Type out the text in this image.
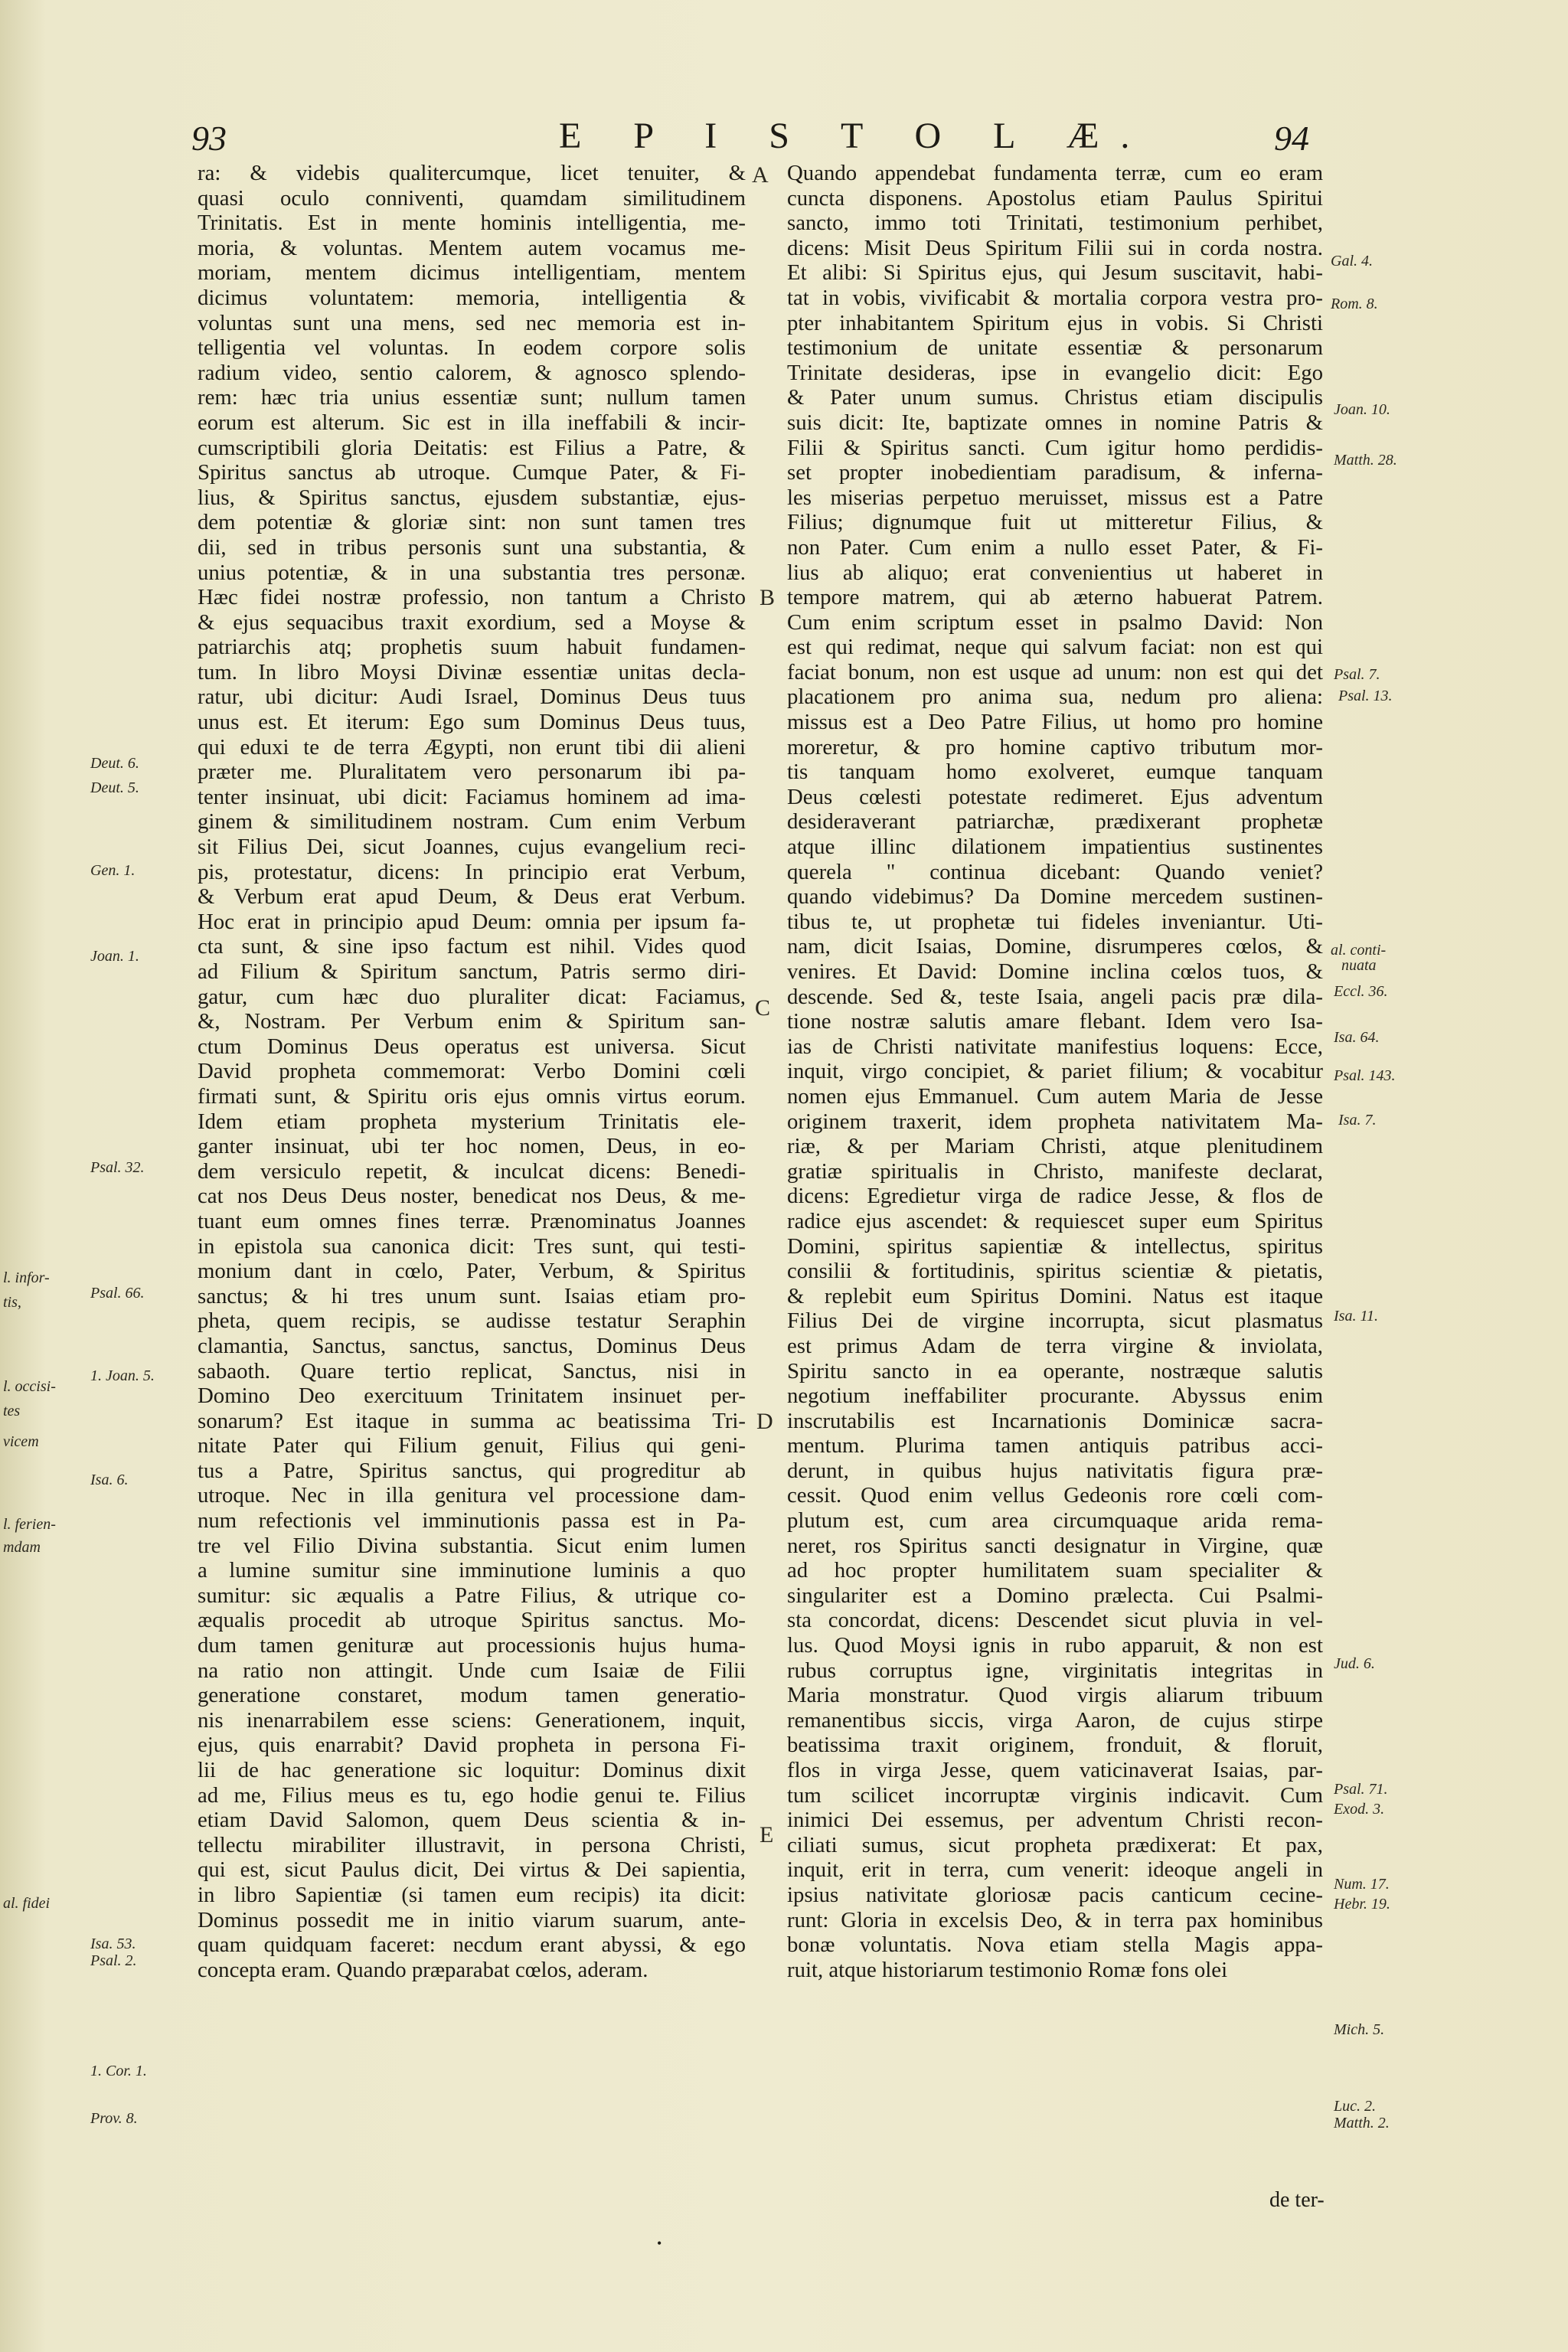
93	E P I S T O L Æ.	94
l. infor-
tis,
l. occisi-
tes
vicem
l. ferien-
mdam
al. fidei
Deut. 6.
Deut. 5.
Gen. 1.
Joan. 1.
Psal. 32.
Psal. 66.
1. Joan. 5.
Isa. 6.
Isa. 53.
Psal. 2.
1. Cor. 1.
Prov. 8.
A
B
C
D
E
Gal. 4.
Rom. 8.
Joan. 10.
Matth. 28.
Psal. 7.
Psal. 13.
al. conti-
nuata
Eccl. 36.
Isa. 64.
Psal. 143.
Isa. 7.
Isa. 11.
Jud. 6.
Psal. 71.
Exod. 3.
Num. 17.
Hebr. 19.
Mich. 5.
Luc. 2.
Matth. 2.

ra: & videbis qualitercumque, licet tenuiter, &

quasi oculo conniventi, quamdam similitudinem

Trinitatis. Est in mente hominis intelligentia, me-

moria, & voluntas. Mentem autem vocamus me-

moriam, mentem dicimus intelligentiam, mentem

dicimus voluntatem: memoria, intelligentia &

voluntas sunt una mens, sed nec memoria est in-

telligentia vel voluntas. In eodem corpore solis

radium video, sentio calorem, & agnosco splendo-

rem: hæc tria unius essentiæ sunt; nullum tamen

eorum est alterum. Sic est in illa ineffabili & incir-

cumscriptibili gloria Deitatis: est Filius a Patre, &

Spiritus sanctus ab utroque. Cumque Pater, & Fi-

lius, & Spiritus sanctus, ejusdem substantiæ, ejus-

dem potentiæ & gloriæ sint: non sunt tamen tres

dii, sed in tribus personis sunt una substantia, &

unius potentiæ, & in una substantia tres personæ.

Hæc fidei nostræ professio, non tantum a Christo

& ejus sequacibus traxit exordium, sed a Moyse &

patriarchis atq; prophetis suum habuit fundamen-

tum. In libro Moysi Divinæ essentiæ unitas decla-

ratur, ubi dicitur: Audi Israel, Dominus Deus tuus

unus est. Et iterum: Ego sum Dominus Deus tuus,

qui eduxi te de terra Ægypti, non erunt tibi dii alieni

præter me. Pluralitatem vero personarum ibi pa-

tenter insinuat, ubi dicit: Faciamus hominem ad ima-

ginem & similitudinem nostram. Cum enim Verbum

sit Filius Dei, sicut Joannes, cujus evangelium reci-

pis, protestatur, dicens: In principio erat Verbum,

& Verbum erat apud Deum, & Deus erat Verbum.

Hoc erat in principio apud Deum: omnia per ipsum fa-

cta sunt, & sine ipso factum est nihil. Vides quod

ad Filium & Spiritum sanctum, Patris sermo diri-

gatur, cum hæc duo pluraliter dicat: Faciamus,

&, Nostram. Per Verbum enim & Spiritum san-

ctum Dominus Deus operatus est universa. Sicut

David propheta commemorat: Verbo Domini cœli

firmati sunt, & Spiritu oris ejus omnis virtus eorum.

Idem etiam propheta mysterium Trinitatis ele-

ganter insinuat, ubi ter hoc nomen, Deus, in eo-

dem versiculo repetit, & inculcat dicens: Benedi-

cat nos Deus Deus noster, benedicat nos Deus, & me-

tuant eum omnes fines terræ. Prænominatus Joannes

in epistola sua canonica dicit: Tres sunt, qui testi-

monium dant in cœlo, Pater, Verbum, & Spiritus

sanctus; & hi tres unum sunt. Isaias etiam pro-

pheta, quem recipis, se audisse testatur Seraphin

clamantia, Sanctus, sanctus, sanctus, Dominus Deus

sabaoth. Quare tertio replicat, Sanctus, nisi in

Domino Deo exercituum Trinitatem insinuet per-

sonarum? Est itaque in summa ac beatissima Tri-

nitate Pater qui Filium genuit, Filius qui geni-

tus a Patre, Spiritus sanctus, qui progreditur ab

utroque. Nec in illa genitura vel processione dam-

num refectionis vel imminutionis passa est in Pa-

tre vel Filio Divina substantia. Sicut enim lumen

a lumine sumitur sine imminutione luminis a quo

sumitur: sic æqualis a Patre Filius, & utrique co-

æqualis procedit ab utroque Spiritus sanctus. Mo-

dum tamen genituræ aut processionis hujus huma-

na ratio non attingit. Unde cum Isaiæ de Filii

generatione constaret, modum tamen generatio-

nis inenarrabilem esse sciens: Generationem, inquit,

ejus, quis enarrabit? David propheta in persona Fi-

lii de hac generatione sic loquitur: Dominus dixit

ad me, Filius meus es tu, ego hodie genui te. Filius

etiam David Salomon, quem Deus scientia & in-

tellectu mirabiliter illustravit, in persona Christi,

qui est, sicut Paulus dicit, Dei virtus & Dei sapientia,

in libro Sapientiæ (si tamen eum recipis) ita dicit:

Dominus possedit me in initio viarum suarum, ante-

quam quidquam faceret: necdum erant abyssi, & ego

concepta eram. Quando præparabat cœlos, aderam.

Quando appendebat fundamenta terræ, cum eo eram

cuncta disponens. Apostolus etiam Paulus Spiritui

sancto, immo toti Trinitati, testimonium perhibet,

dicens: Misit Deus Spiritum Filii sui in corda nostra.

Et alibi: Si Spiritus ejus, qui Jesum suscitavit, habi-

tat in vobis, vivificabit & mortalia corpora vestra pro-

pter inhabitantem Spiritum ejus in vobis. Si Christi

testimonium de unitate essentiæ & personarum

Trinitate desideras, ipse in evangelio dicit: Ego

& Pater unum sumus. Christus etiam discipulis

suis dicit: Ite, baptizate omnes in nomine Patris &

Filii & Spiritus sancti. Cum igitur homo perdidis-

set propter inobedientiam paradisum, & inferna-

les miserias perpetuo meruisset, missus est a Patre

Filius; dignumque fuit ut mitteretur Filius, &

non Pater. Cum enim a nullo esset Pater, & Fi-

lius ab aliquo; erat convenientius ut haberet in

tempore matrem, qui ab æterno habuerat Patrem.

Cum enim scriptum esset in psalmo David: Non

est qui redimat, neque qui salvum faciat: non est qui

faciat bonum, non est usque ad unum: non est qui det

placationem pro anima sua, nedum pro aliena:

missus est a Deo Patre Filius, ut homo pro homine

moreretur, & pro homine captivo tributum mor-

tis tanquam homo exolveret, eumque tanquam

Deus cœlesti potestate redimeret. Ejus adventum

desideraverant patriarchæ, prædixerant prophetæ

atque illinc dilationem impatientius sustinentes

querela " continua dicebant: Quando veniet?

quando videbimus? Da Domine mercedem sustinen-

tibus te, ut prophetæ tui fideles inveniantur. Uti-

nam, dicit Isaias, Domine, disrumperes cœlos, &

venires. Et David: Domine inclina cœlos tuos, &

descende. Sed &, teste Isaia, angeli pacis præ dila-

tione nostræ salutis amare flebant. Idem vero Isa-

ias de Christi nativitate manifestius loquens: Ecce,

inquit, virgo concipiet, & pariet filium; & vocabitur

nomen ejus Emmanuel. Cum autem Maria de Jesse

originem traxerit, idem propheta nativitatem Ma-

riæ, & per Mariam Christi, atque plenitudinem

gratiæ spiritualis in Christo, manifeste declarat,

dicens: Egredietur virga de radice Jesse, & flos de

radice ejus ascendet: & requiescet super eum Spiritus

Domini, spiritus sapientiæ & intellectus, spiritus

consilii & fortitudinis, spiritus scientiæ & pietatis,

& replebit eum Spiritus Domini. Natus est itaque

Filius Dei de virgine incorrupta, sicut plasmatus

est primus Adam de terra virgine & inviolata,

Spiritu sancto in ea operante, nostræque salutis

negotium ineffabiliter procurante. Abyssus enim

inscrutabilis est Incarnationis Dominicæ sacra-

mentum. Plurima tamen antiquis patribus acci-

derunt, in quibus hujus nativitatis figura præ-

cessit. Quod enim vellus Gedeonis rore cœli com-

plutum est, cum area circumquaque arida rema-

neret, ros Spiritus sancti designatur in Virgine, quæ

ad hoc propter humilitatem suam specialiter &

singulariter est a Domino prælecta. Cui Psalmi-

sta concordat, dicens: Descendet sicut pluvia in vel-

lus. Quod Moysi ignis in rubo apparuit, & non est

rubus corruptus igne, virginitatis integritas in

Maria monstratur. Quod virgis aliarum tribuum

remanentibus siccis, virga Aaron, de cujus stirpe

beatissima traxit originem, fronduit, & floruit,

flos in virga Jesse, quem vaticinaverat Isaias, par-

tum scilicet incorruptæ virginis indicavit. Cum

inimici Dei essemus, per adventum Christi recon-

ciliati sumus, sicut propheta prædixerat: Et pax,

inquit, erit in terra, cum venerit: ideoque angeli in

ipsius nativitate gloriosæ pacis canticum cecine-

runt: Gloria in excelsis Deo, & in terra pax hominibus

bonæ voluntatis. Nova etiam stella Magis appa-

ruit, atque historiarum testimonio Romæ fons olei

de ter-
•
